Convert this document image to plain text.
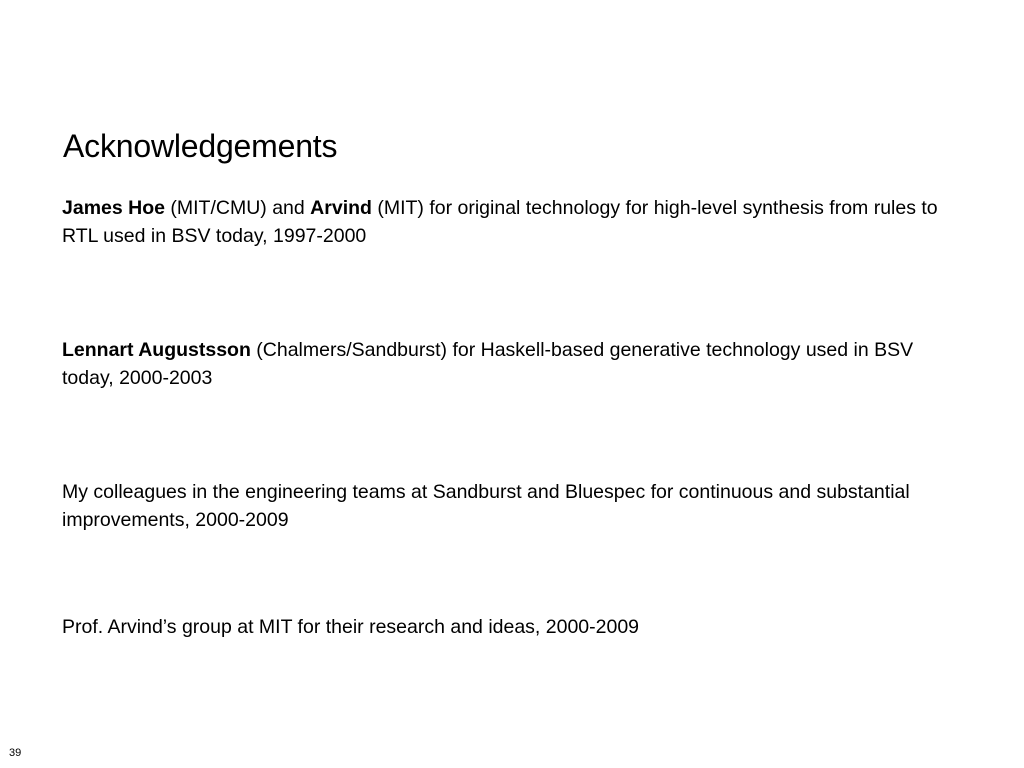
Acknowledgements

James Hoe (MIT/CMU) and Arvind (MIT) for original technology for high-level synthesis from rules to RTL used in BSV today, 1997-2000

Lennart Augustsson (Chalmers/Sandburst) for Haskell-based generative technology used in BSV today, 2000-2003

My colleagues in the engineering teams at Sandburst and Bluespec for continuous and substantial improvements, 2000-2009

Prof. Arvind’s group at MIT for their research and ideas, 2000-2009

39
